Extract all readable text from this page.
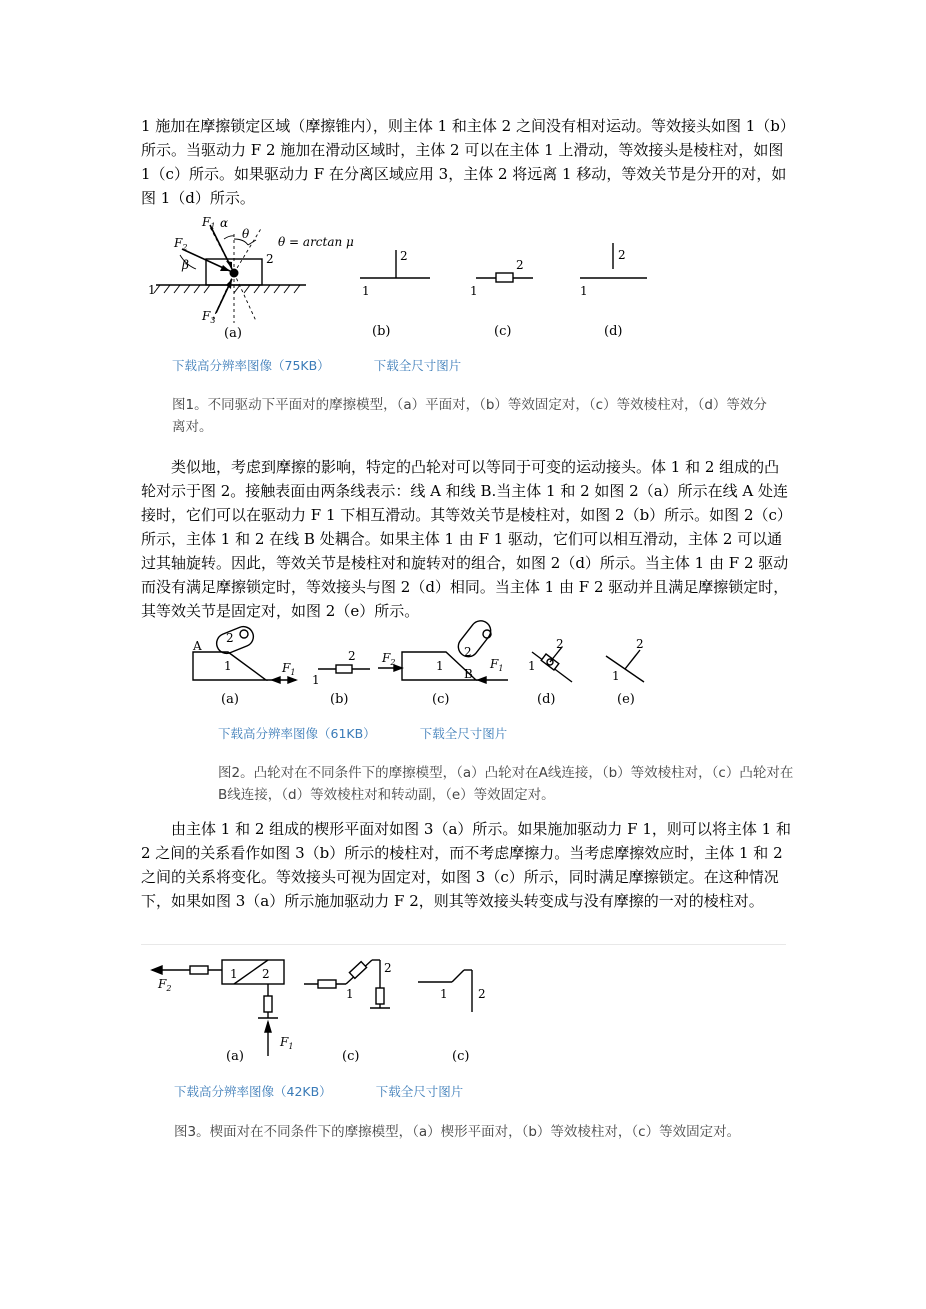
1 施加在摩擦锁定区域（摩擦锥内），则主体 1 和主体 2 之间没有相对运动。等效接头如图 1（b）所示。当驱动力 F 2 施加在滑动区域时，主体 2 可以在主体 1 上滑动，等效接头是棱柱对，如图 1（c）所示。如果驱动力 F 在分离区域应用 3，主体 2 将远离 1 移动，等效关节是分开的对，如图 1（d）所示。

$F_1$
$F_2$
$F_3$
α
β
θ
θ = arctan μ
1
2
(a)
2
1
(b)
2
1
(c)
2
1
(d)
下载高分辨率图像（75KB）	下载全尺寸图片
图1。不同驱动下平面对的摩擦模型，（a）平面对，（b）等效固定对，（c）等效棱柱对，（d）等效分离对。

类似地，考虑到摩擦的影响，特定的凸轮对可以等同于可变的运动接头。体 1 和 2 组成的凸轮对示于图 2。接触表面由两条线表示：线 A 和线 B.当主体 1 和 2 如图 2（a）所示在线 A 处连接时，它们可以在驱动力 F 1 下相互滑动。其等效关节是棱柱对，如图 2（b）所示。如图 2（c）所示，主体 1 和 2 在线 B 处耦合。如果主体 1 由 F 1 驱动，它们可以相互滑动，主体 2 可以通过其轴旋转。因此，等效关节是棱柱对和旋转对的组合，如图 2（d）所示。当主体 1 由 F 2 驱动而没有满足摩擦锁定时，等效接头与图 2（d）相同。当主体 1 由 F 2 驱动并且满足摩擦锁定时，其等效关节是固定对，如图 2（e）所示。

A
1
2
$F_1$
(a)
2
1
(b)
$F_2$	1
2
B
$F_1$
(c)
2
1
(d)
2
1
(e)
下载高分辨率图像（61KB）	下载全尺寸图片
图2。凸轮对在不同条件下的摩擦模型，（a）凸轮对在A线连接，（b）等效棱柱对，（c）凸轮对在B线连接，（d）等效棱柱对和转动副，（e）等效固定对。

由主体 1 和 2 组成的楔形平面对如图 3（a）所示。如果施加驱动力 F 1，则可以将主体 1 和 2 之间的关系看作如图 3（b）所示的棱柱对，而不考虑摩擦力。当考虑摩擦效应时，主体 1 和 2 之间的关系将变化。等效接头可视为固定对，如图 3（c）所示，同时满足摩擦锁定。在这种情况下，如果如图 3（a）所示施加驱动力 F 2，则其等效接头转变成与没有摩擦的一对的棱柱对。

1 2
$F_2$
$F_1$
(a)
1
2
(c)
1	2
(c)
下载高分辨率图像（42KB）	下载全尺寸图片
图3。楔面对在不同条件下的摩擦模型，（a）楔形平面对，（b）等效棱柱对，（c）等效固定对。
